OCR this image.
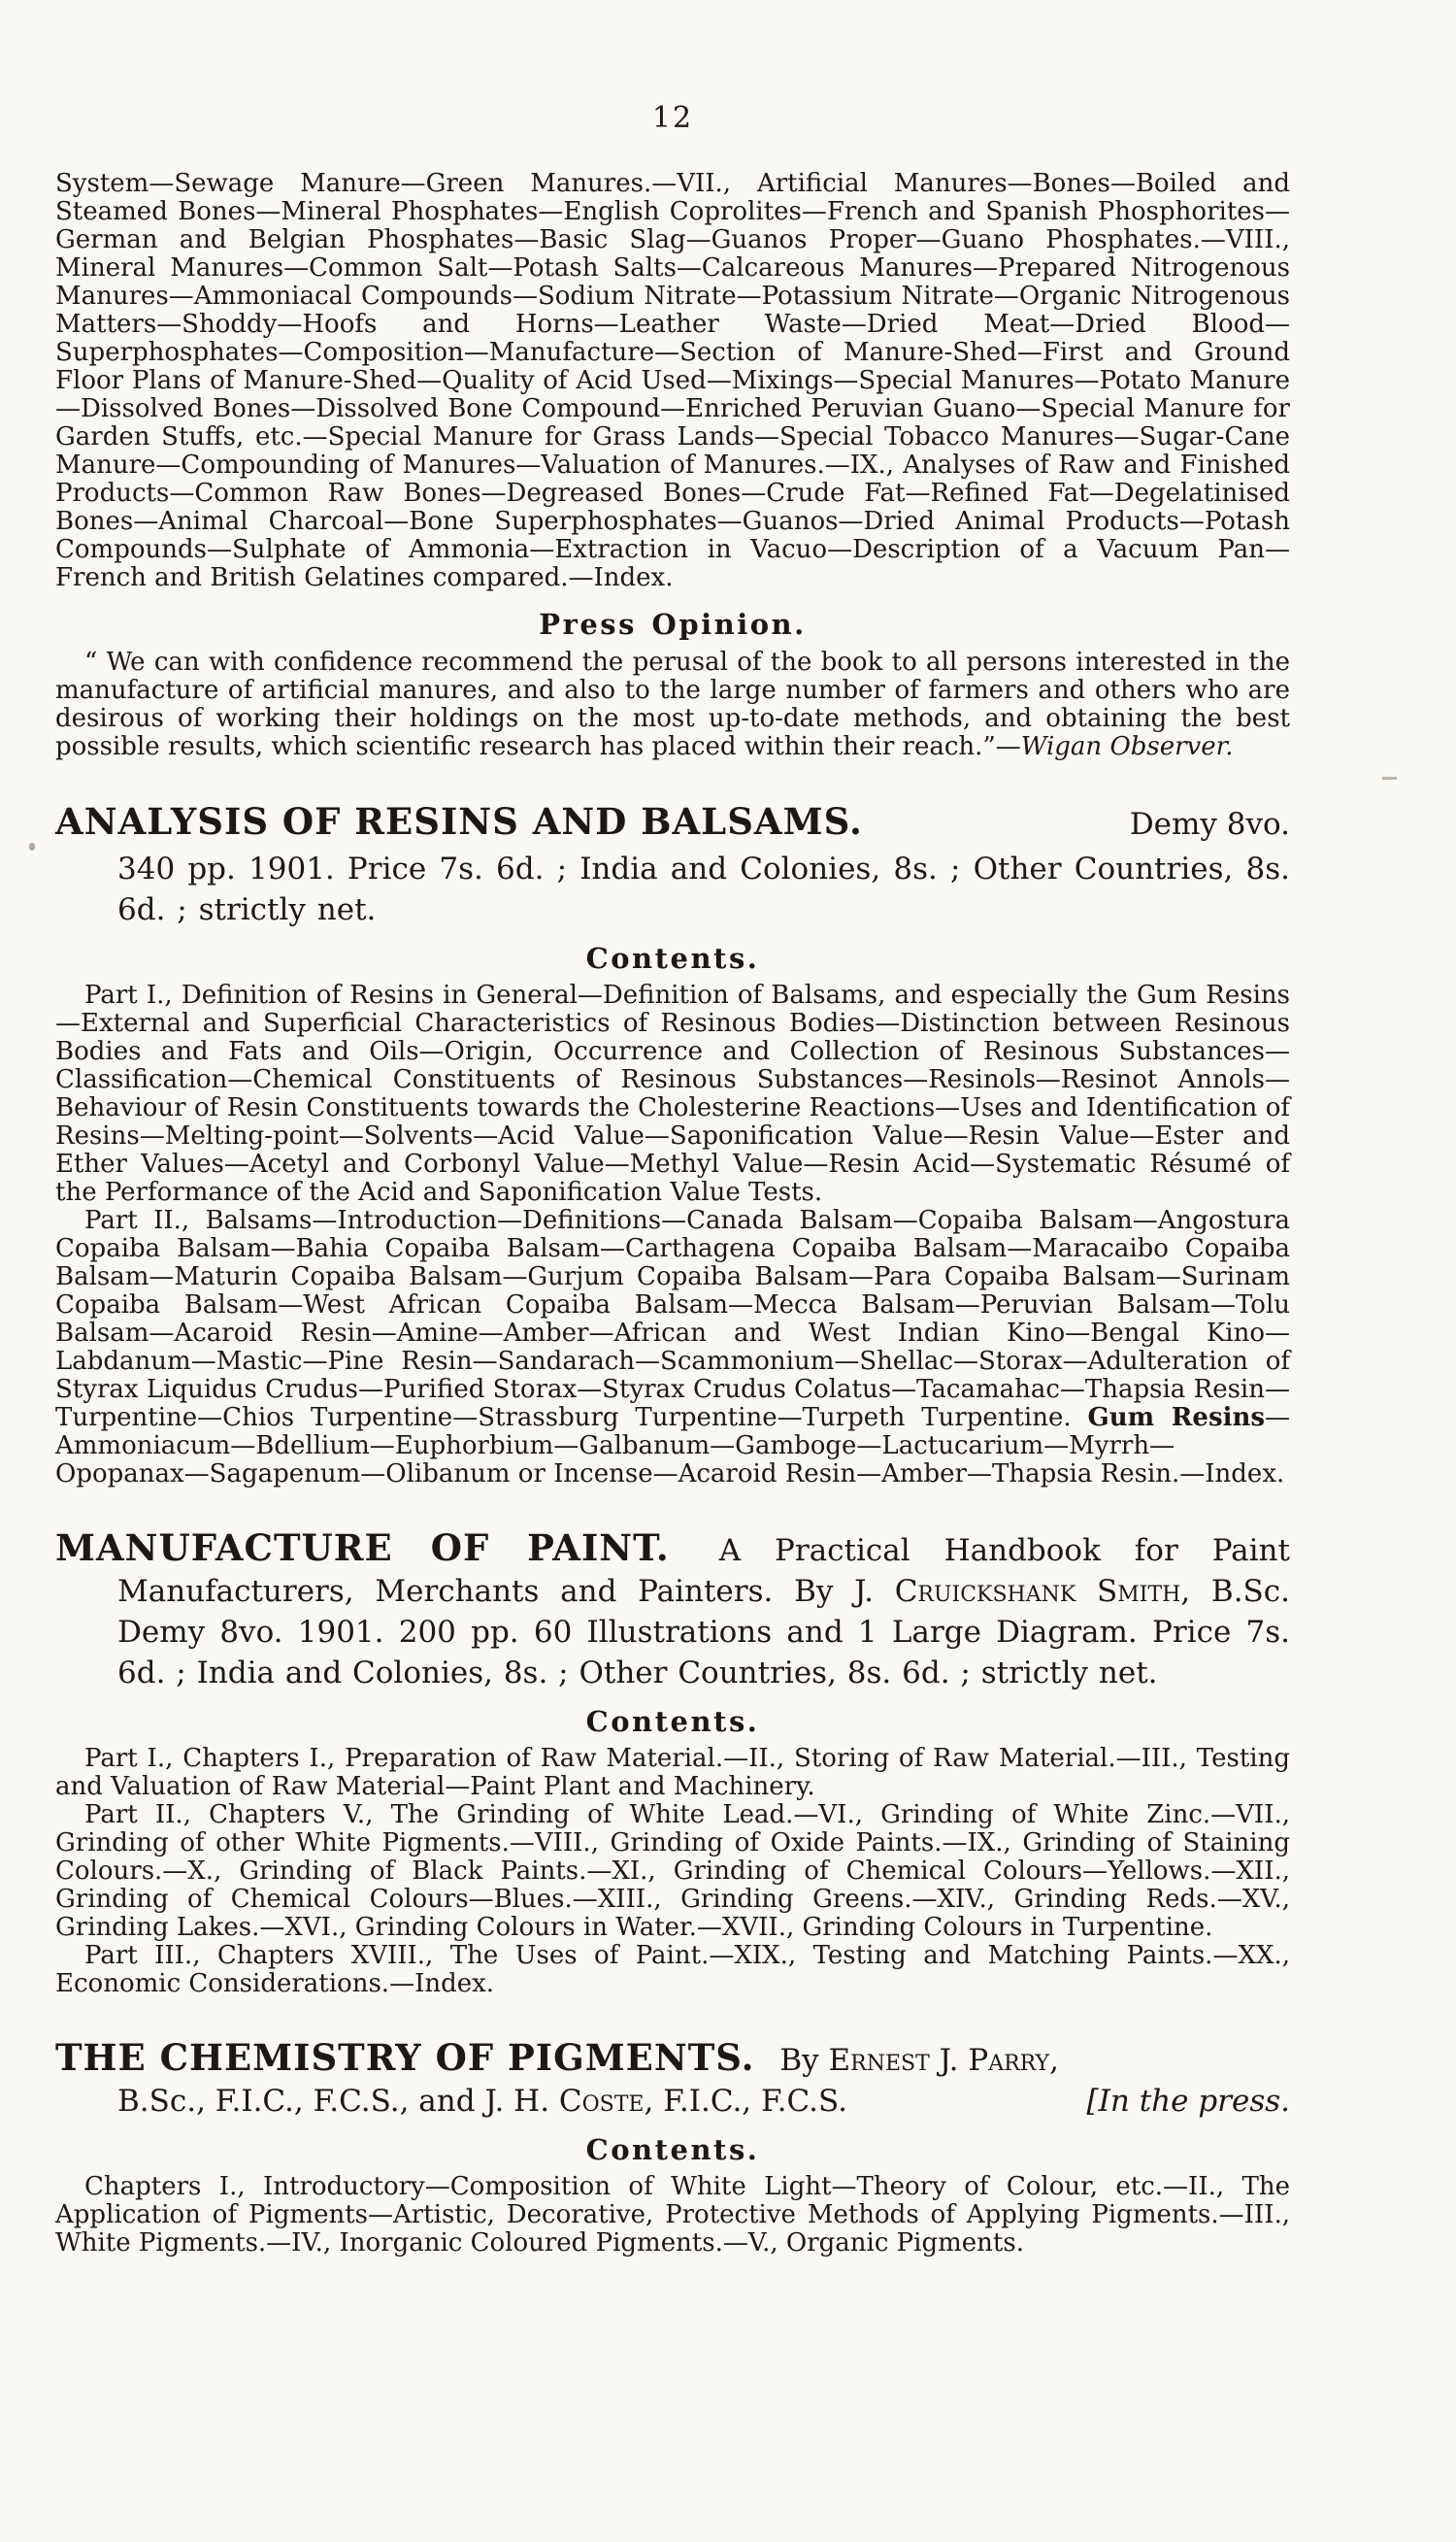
12

System—Sewage Manure—Green Manures.—VII., Artificial Manures—Bones—Boiled and Steamed Bones—Mineral Phosphates—English Coprolites—French and Spanish Phosphorites—German and Belgian Phosphates—Basic Slag—Guanos Proper—Guano Phosphates.—VIII., Mineral Manures—Common Salt—Potash Salts—Calcareous Manures—Prepared Nitrogenous Manures—Ammoniacal Compounds—Sodium Nitrate—Potassium Nitrate—Organic Nitrogenous Matters—Shoddy—Hoofs and Horns—Leather Waste—Dried Meat—Dried Blood—Superphosphates—Composition—Manufacture—Section of Manure-Shed—First and Ground Floor Plans of Manure-Shed—Quality of Acid Used—Mixings—Special Manures—Potato Manure—Dissolved Bones—Dissolved Bone Compound—Enriched Peruvian Guano—Special Manure for Garden Stuffs, etc.—Special Manure for Grass Lands—Special Tobacco Manures—Sugar-Cane Manure—Compounding of Manures—Valuation of Manures.—IX., Analyses of Raw and Finished Products—Common Raw Bones—Degreased Bones—Crude Fat—Refined Fat—Degelatinised Bones—Animal Charcoal—Bone Superphosphates—Guanos—Dried Animal Products—Potash Compounds—Sulphate of Ammonia—Extraction in Vacuo—Description of a Vacuum Pan—French and British Gelatines compared.—Index.

Press Opinion.

“ We can with confidence recommend the perusal of the book to all persons interested in the manufacture of artificial manures, and also to the large number of farmers and others who are desirous of working their holdings on the most up-to-date methods, and obtaining the best possible results, which scientific research has placed within their reach.”—Wigan Observer.

ANALYSIS OF RESINS AND BALSAMS.	Demy 8vo.

340 pp. 1901. Price 7s. 6d. ; India and Colonies, 8s. ; Other Countries, 8s. 6d. ; strictly net.

Contents.

Part I., Definition of Resins in General—Definition of Balsams, and especially the Gum Resins—External and Superficial Characteristics of Resinous Bodies—Distinction between Resinous Bodies and Fats and Oils—Origin, Occurrence and Collection of Resinous Substances—Classification—Chemical Constituents of Resinous Substances—Resinols—Resinot Annols—Behaviour of Resin Constituents towards the Cholesterine Reactions—Uses and Identification of Resins—Melting-point—Solvents—Acid Value—Saponification Value—Resin Value—Ester and Ether Values—Acetyl and Corbonyl Value—Methyl Value—Resin Acid—Systematic Résumé of the Performance of the Acid and Saponification Value Tests.

Part II., Balsams—Introduction—Definitions—Canada Balsam—Copaiba Balsam—Angostura Copaiba Balsam—Bahia Copaiba Balsam—Carthagena Copaiba Balsam—Maracaibo Copaiba Balsam—Maturin Copaiba Balsam—Gurjum Copaiba Balsam—Para Copaiba Balsam—Surinam Copaiba Balsam—West African Copaiba Balsam—Mecca Balsam—Peruvian Balsam—Tolu Balsam—Acaroid Resin—Amine—Amber—African and West Indian Kino—Bengal Kino—Labdanum—Mastic—Pine Resin—Sandarach—Scammonium—Shellac—Storax—Adulteration of Styrax Liquidus Crudus—Purified Storax—Styrax Crudus Colatus—Tacamahac—Thapsia Resin—Turpentine—Chios Turpentine—Strassburg Turpentine—Turpeth Turpentine. Gum Resins—Ammoniacum—Bdellium—Euphorbium—Galbanum—Gamboge—Lactucarium—Myrrh—Opopanax—Sagapenum—Olibanum or Incense—Acaroid Resin—Amber—Thapsia Resin.—Index.

MANUFACTURE OF PAINT. A Practical Handbook for Paint Manufacturers, Merchants and Painters. By J. Cruickshank Smith, B.Sc. Demy 8vo. 1901. 200 pp. 60 Illustrations and 1 Large Diagram. Price 7s. 6d. ; India and Colonies, 8s. ; Other Countries, 8s. 6d. ; strictly net.

Contents.

Part I., Chapters I., Preparation of Raw Material.—II., Storing of Raw Material.—III., Testing and Valuation of Raw Material—Paint Plant and Machinery.

Part II., Chapters V., The Grinding of White Lead.—VI., Grinding of White Zinc.—VII., Grinding of other White Pigments.—VIII., Grinding of Oxide Paints.—IX., Grinding of Staining Colours.—X., Grinding of Black Paints.—XI., Grinding of Chemical Colours—Yellows.—XII., Grinding of Chemical Colours—Blues.—XIII., Grinding Greens.—XIV., Grinding Reds.—XV., Grinding Lakes.—XVI., Grinding Colours in Water.—XVII., Grinding Colours in Turpentine.

Part III., Chapters XVIII., The Uses of Paint.—XIX., Testing and Matching Paints.—XX., Economic Considerations.—Index.

THE CHEMISTRY OF PIGMENTS. By Ernest J. Parry,
B.Sc., F.I.C., F.C.S., and J. H. Coste, F.I.C., F.C.S.	[In the press.
Contents.

Chapters I., Introductory—Composition of White Light—Theory of Colour, etc.—II., The Application of Pigments—Artistic, Decorative, Protective Methods of Applying Pigments.—III., White Pigments.—IV., Inorganic Coloured Pigments.—V., Organic Pigments.
